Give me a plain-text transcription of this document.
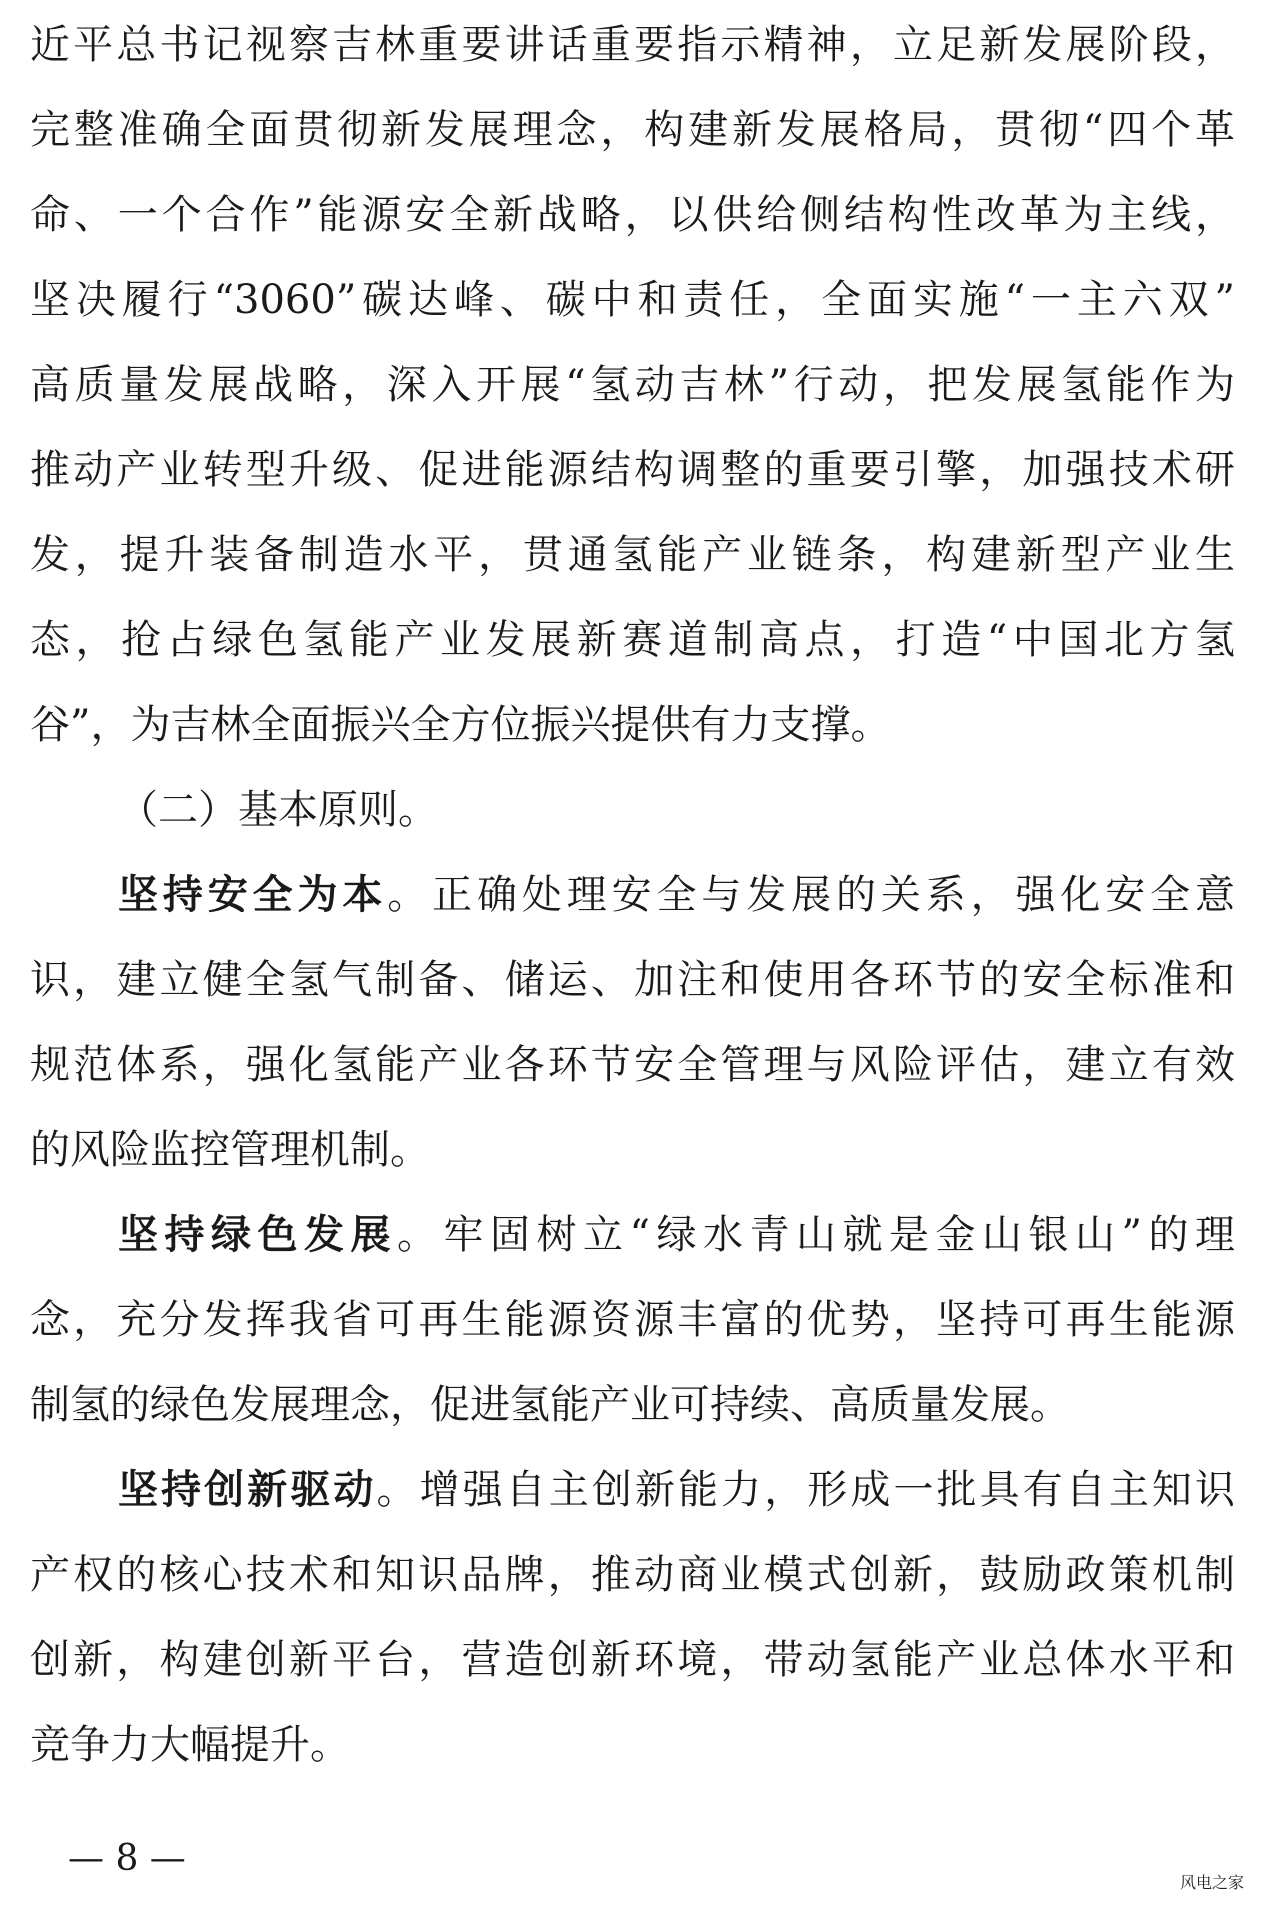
近平总书记视察吉林重要讲话重要指示精神，立足新发展阶段，
完整准确全面贯彻新发展理念，构建新发展格局，贯彻“四个革
命、一个合作”能源安全新战略，以供给侧结构性改革为主线，
坚决履行“3060”碳达峰、碳中和责任，全面实施“一主六双”
高质量发展战略，深入开展“氢动吉林”行动，把发展氢能作为
推动产业转型升级、促进能源结构调整的重要引擎，加强技术研
发，提升装备制造水平，贯通氢能产业链条，构建新型产业生
态，抢占绿色氢能产业发展新赛道制高点，打造“中国北方氢
谷”，为吉林全面振兴全方位振兴提供有力支撑。
（二）基本原则。
坚持安全为本。正确处理安全与发展的关系，强化安全意
识，建立健全氢气制备、储运、加注和使用各环节的安全标准和
规范体系，强化氢能产业各环节安全管理与风险评估，建立有效
的风险监控管理机制。
坚持绿色发展。牢固树立“绿水青山就是金山银山”的理
念，充分发挥我省可再生能源资源丰富的优势，坚持可再生能源
制氢的绿色发展理念，促进氢能产业可持续、高质量发展。
坚持创新驱动。增强自主创新能力，形成一批具有自主知识
产权的核心技术和知识品牌，推动商业模式创新，鼓励政策机制
创新，构建创新平台，营造创新环境，带动氢能产业总体水平和
竞争力大幅提升。
— 8 —
风电之家
